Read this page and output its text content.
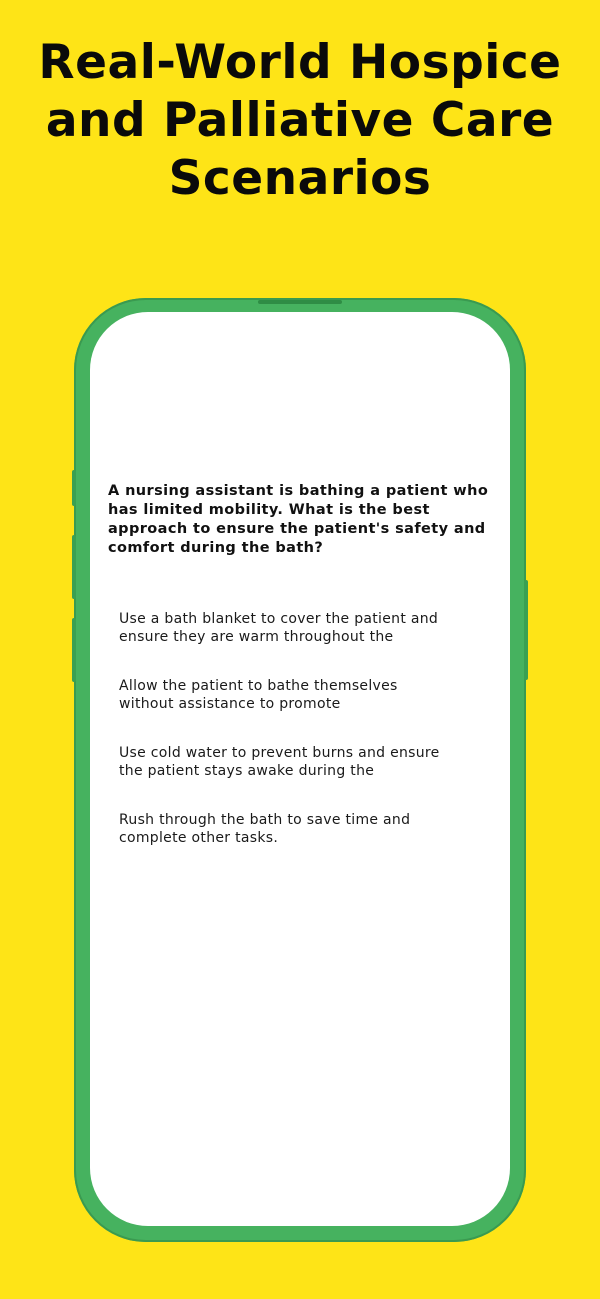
Real-World Hospice
and Palliative Care
Scenarios

A nursing assistant is bathing a patient who has limited mobility. What is the best approach to ensure the patient's safety and comfort during the bath?

Use a bath blanket to cover the patient and ensure they are warm throughout the
Allow the patient to bathe themselves without assistance to promote
Use cold water to prevent burns and ensure the patient stays awake during the
Rush through the bath to save time and complete other tasks.
